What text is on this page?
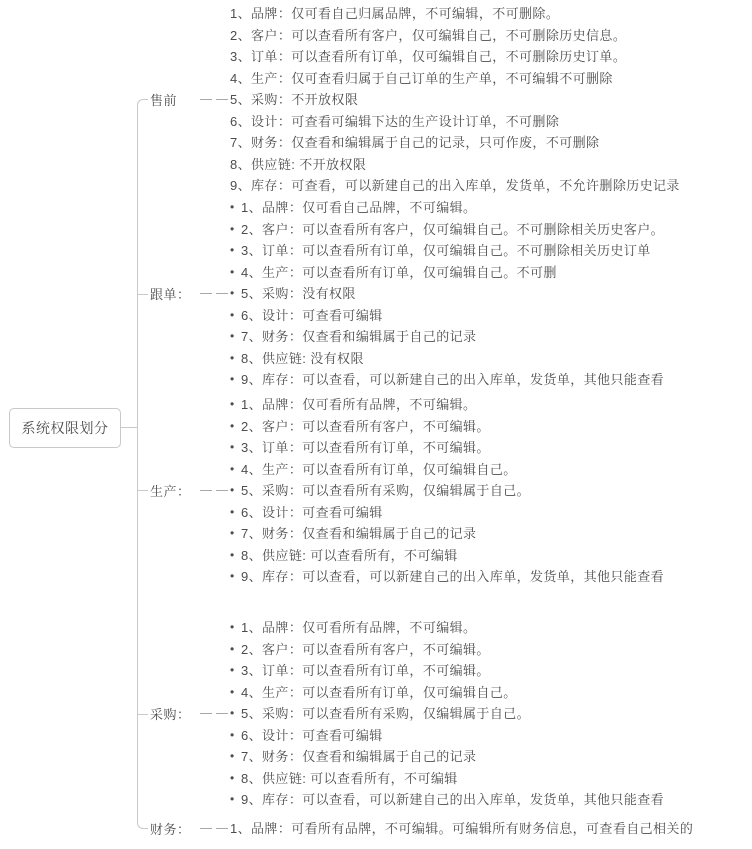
系统权限划分
售前
1、品牌：仅可看自己归属品牌，不可编辑，不可删除。
2、客户：可以查看所有客户，仅可编辑自己，不可删除历史信息。
3、订单：可以查看所有订单，仅可编辑自己，不可删除历史订单。
4、生产：仅可查看归属于自己订单的生产单，不可编辑不可删除
5、采购：不开放权限
6、设计：可查看可编辑下达的生产设计订单，不可删除
7、财务：仅查看和编辑属于自己的记录，只可作废，不可删除
8、供应链: 不开放权限
9、库存：可查看，可以新建自己的出入库单，发货单，不允许删除历史记录
跟单：
• 1、品牌：仅可看自己品牌，不可编辑。
• 2、客户：可以查看所有客户，仅可编辑自己。不可删除相关历史客户。
• 3、订单：可以查看所有订单，仅可编辑自己。不可删除相关历史订单
• 4、生产：可以查看所有订单，仅可编辑自己。不可删
• 5、采购：没有权限
• 6、设计：可查看可编辑
• 7、财务：仅查看和编辑属于自己的记录
• 8、供应链: 没有权限
• 9、库存：可以查看，可以新建自己的出入库单，发货单，其他只能查看
生产：
• 1、品牌：仅可看所有品牌，不可编辑。
• 2、客户：可以查看所有客户，不可编辑。
• 3、订单：可以查看所有订单，不可编辑。
• 4、生产：可以查看所有订单，仅可编辑自己。
• 5、采购：可以查看所有采购，仅编辑属于自己。
• 6、设计：可查看可编辑
• 7、财务：仅查看和编辑属于自己的记录
• 8、供应链: 可以查看所有，不可编辑
• 9、库存：可以查看，可以新建自己的出入库单，发货单，其他只能查看
采购：
• 1、品牌：仅可看所有品牌，不可编辑。
• 2、客户：可以查看所有客户，不可编辑。
• 3、订单：可以查看所有订单，不可编辑。
• 4、生产：可以查看所有订单，仅可编辑自己。
• 5、采购：可以查看所有采购，仅编辑属于自己。
• 6、设计：可查看可编辑
• 7、财务：仅查看和编辑属于自己的记录
• 8、供应链: 可以查看所有，不可编辑
• 9、库存：可以查看，可以新建自己的出入库单，发货单，其他只能查看
财务：	1、品牌：可看所有品牌，不可编辑。可编辑所有财务信息，可查看自己相关的
